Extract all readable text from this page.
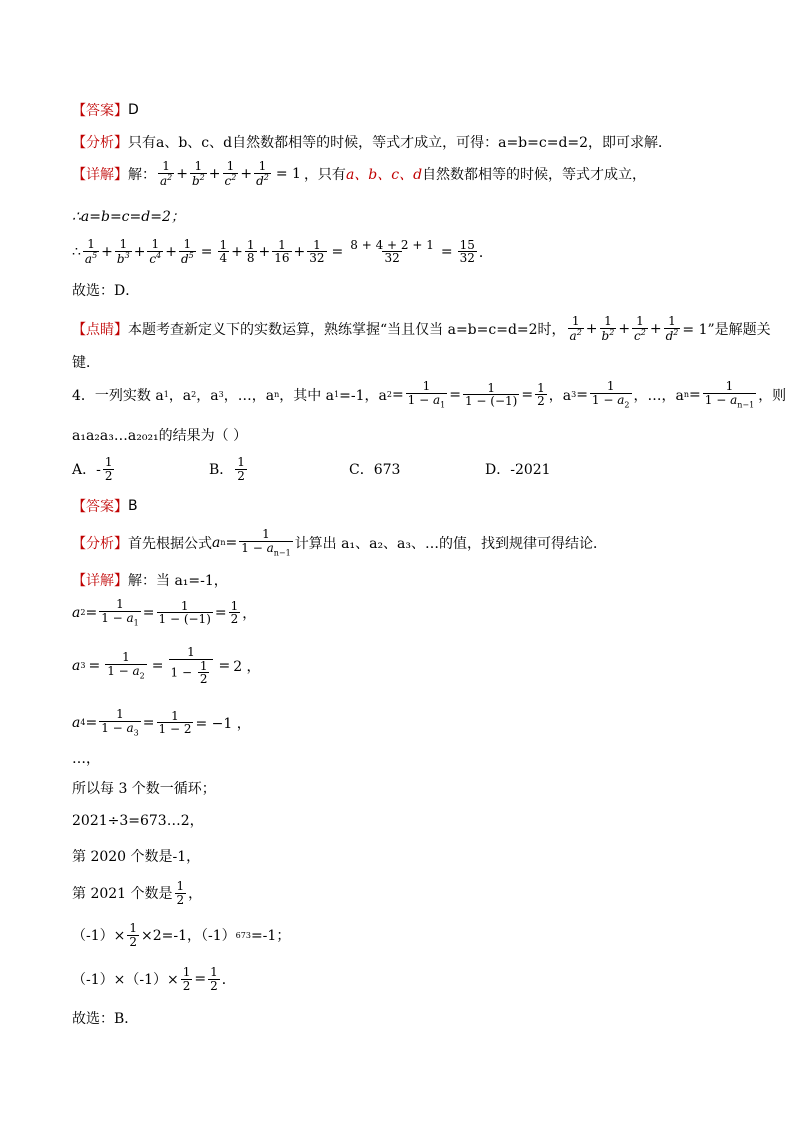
【答案】 D
【分析】 只有a、b、c、d自然数都相等的时候，等式才成立，可得：a=b=c=d=2，即可求解．
【详解】 解： $\frac{1}{a^2} + \frac{1}{b^2} + \frac{1}{c^2} + \frac{1}{d^2} = 1$ ，只有 a、b、c、d 自然数都相等的时候，等式才成立，
∴a=b=c=d=2；
∴ $\frac{1}{a^5} + \frac{1}{b^3} + \frac{1}{c^4} + \frac{1}{d^5} = \frac{1}{4} + \frac{1}{8} + \frac{1}{16} + \frac{1}{32} = \frac{8 + 4 + 2 + 1}{32} = \frac{15}{32}$ ．
故选：D．
【点睛】 本题考查新定义下的实数运算，熟练掌握“当且仅当 a=b=c=d=2时， $\frac{1}{a^2} + \frac{1}{b^2} + \frac{1}{c^2} + \frac{1}{d^2} = 1$”是解题关
键．
4．一列实数 a 1 ，a 2 ，a 3 ，…，a n ，其中 a 1 =-1，a $2 = \frac{1}{1 - a_1} = \frac{1}{1 - (-1)} = \frac{1}{2}$ ，a $3 = \frac{1}{1 - a_2}$ ，…，a $n = \frac{1}{1 - a_{n-1}}$ ，则
a₁a₂a₃…a₂₀₂₁的结果为（ ）
A．- $\frac{1}{2}$	B． $\frac{1}{2}$	C．673	D．-2021
【答案】 B
【分析】 首先根据公式 a $n = \frac{1}{1 - a_{n-1}}$ 计算出 a₁、a₂、a₃、…的值，找到规律可得结论．
【详解】 解：当 a₁=-1，
a $2 = \frac{1}{1 - a_1} = \frac{1}{1 - (-1)} = \frac{1}{2}$ ，
a $3 = \frac{1}{1 - a_2} = \frac{1}{1 - \frac{1}{2}} = 2$ ，
a $4 = \frac{1}{1 - a_3} = \frac{1}{1 - 2} = -1$ ，
…，
所以每 3 个数一循环；
2021÷3=673…2，
第 2020 个数是-1，
第 2021 个数是 $\frac{1}{2}$ ，
$(-1)\times \frac{1}{2} \times 2=-1$，（-1） 673 =-1；
$(-1)\times(-1)\times \frac{1}{2} = \frac{1}{2}$ ．
故选：B．
